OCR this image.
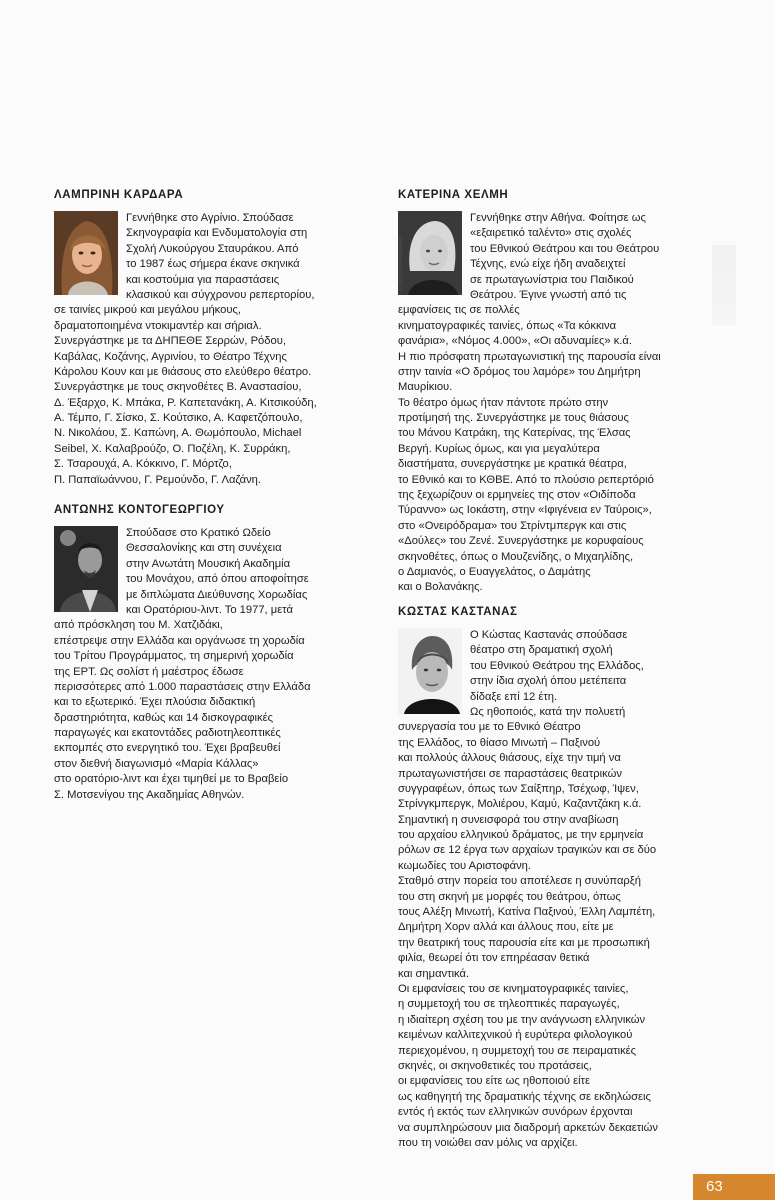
ΛΑΜΠΡΙΝΗ ΚΑΡΔΑΡΑ
Γεννήθηκε στο Αγρίνιο. Σπούδασε
Σκηνογραφία και Ενδυματολογία στη
Σχολή Λυκούργου Σταυράκου. Από
το 1987 έως σήμερα έκανε σκηνικά
και κοστούμια για παραστάσεις
κλασικού και σύγχρονου ρεπερτορίου,
σε ταινίες μικρού και μεγάλου μήκους,
δραματοποιημένα ντοκιμαντέρ και σήριαλ.
Συνεργάστηκε με τα ΔΗΠΕΘΕ Σερρών, Ρόδου,
Καβάλας, Κοζάνης, Αγρινίου, το Θέατρο Τέχνης
Κάρολου Κουν και με θιάσους στο ελεύθερο θέατρο.
Συνεργάστηκε με τους σκηνοθέτες Β. Αναστασίου,
Δ. Έξαρχο, Κ. Μπάκα, Ρ. Καπετανάκη, Α. Κιτσικούδη,
Α. Τέμπο, Γ. Σίσκο, Σ. Κούτσικο, Α. Καφετζόπουλο,
Ν. Νικολάου, Σ. Καπώνη, Α. Θωμόπουλο, Michael
Seibel, Χ. Καλαβρούζο, Ο. Ποζέλη, Κ. Συρράκη,
Σ. Τσαρουχά, Α. Κόκκινο, Γ. Μόρτζο,
Π. Παπαϊωάννου, Γ. Ρεμούνδο, Γ. Λαζάνη.
ΑΝΤΩΝΗΣ ΚΟΝΤΟΓΕΩΡΓΙΟΥ
Σπούδασε στο Κρατικό Ωδείο
Θεσσαλονίκης και στη συνέχεια
στην Ανωτάτη Μουσική Ακαδημία
του Μονάχου, από όπου αποφοίτησε
με διπλώματα Διεύθυνσης Χορωδίας
και Ορατόριου-λιντ. Το 1977, μετά
από πρόσκληση του Μ. Χατζιδάκι,
επέστρεψε στην Ελλάδα και οργάνωσε τη χορωδία
του Τρίτου Προγράμματος, τη σημερινή χορωδία
της ΕΡΤ. Ως σολίστ ή μαέστρος έδωσε
περισσότερες από 1.000 παραστάσεις στην Ελλάδα
και το εξωτερικό. Έχει πλούσια διδακτική
δραστηριότητα, καθώς και 14 δισκογραφικές
παραγωγές και εκατοντάδες ραδιοτηλεοπτικές
εκπομπές στο ενεργητικό του. Έχει βραβευθεί
στον διεθνή διαγωνισμό «Μαρία Κάλλας»
στο ορατόριο-λιντ και έχει τιμηθεί με το Βραβείο
Σ. Μοτσενίγου της Ακαδημίας Αθηνών.
ΚΑΤΕΡΙΝΑ ΧΕΛΜΗ
© STUDIO ΚΑΘΣΙΔΩΝΗΣ
Γεννήθηκε στην Αθήνα. Φοίτησε ως
«εξαιρετικό ταλέντο» στις σχολές
του Εθνικού Θεάτρου και του Θεάτρου
Τέχνης, ενώ είχε ήδη αναδειχτεί
σε πρωταγωνίστρια του Παιδικού
Θεάτρου. Έγινε γνωστή από τις
εμφανίσεις τις σε πολλές
κινηματογραφικές ταινίες, όπως «Τα κόκκινα
φανάρια», «Νόμος 4.000», «Οι αδυναμίες» κ.ά.
Η πιο πρόσφατη πρωταγωνιστική της παρουσία είναι
στην ταινία «Ο δρόμος του λαμόρε» του Δημήτρη
Μαυρίκιου.
Το θέατρο όμως ήταν πάντοτε πρώτο στην
προτίμησή της. Συνεργάστηκε με τους θιάσους
του Μάνου Κατράκη, της Κατερίνας, της Έλσας
Βεργή. Κυρίως όμως, και για μεγαλύτερα
διαστήματα, συνεργάστηκε με κρατικά θέατρα,
το Εθνικό και το ΚΘΒΕ. Από το πλούσιο ρεπερτόριό
της ξεχωρίζουν οι ερμηνείες της στον «Οιδίποδα
Τύραννο» ως Ιοκάστη, στην «Ιφιγένεια εν Ταύροις»,
στο «Ονειρόδραμα» του Στρίντμπεργκ και στις
«Δούλες» του Ζενέ. Συνεργάστηκε με κορυφαίους
σκηνοθέτες, όπως ο Μουζενίδης, ο Μιχαηλίδης,
ο Δαμιανός, ο Ευαγγελάτος, ο Δαμάτης
και ο Βολανάκης.
ΚΩΣΤΑΣ ΚΑΣΤΑΝΑΣ
Ο Κώστας Καστανάς σπούδασε
θέατρο στη δραματική σχολή
του Εθνικού Θεάτρου της Ελλάδος,
στην ίδια σχολή όπου μετέπειτα
δίδαξε επί 12 έτη.
Ως ηθοποιός, κατά την πολυετή
συνεργασία του με το Εθνικό Θέατρο
της Ελλάδος, το θίασο Μινωτή – Παξινού
και πολλούς άλλους θιάσους, είχε την τιμή να
πρωταγωνιστήσει σε παραστάσεις θεατρικών
συγγραφέων, όπως των Σαίξπηρ, Τσέχωφ, Ίψεν,
Στρίνγκμπεργκ, Μολιέρου, Καμύ, Καζαντζάκη κ.ά.
Σημαντική η συνεισφορά του στην αναβίωση
του αρχαίου ελληνικού δράματος, με την ερμηνεία
ρόλων σε 12 έργα των αρχαίων τραγικών και σε δύο
κωμωδίες του Αριστοφάνη.
Σταθμό στην πορεία του αποτέλεσε η συνύπαρξή
του στη σκηνή με μορφές του θεάτρου, όπως
τους Αλέξη Μινωτή, Κατίνα Παξινού, Έλλη Λαμπέτη,
Δημήτρη Χορν αλλά και άλλους που, είτε με
την θεατρική τους παρουσία είτε και με προσωπική
φιλία, θεωρεί ότι τον επηρέασαν θετικά
και σημαντικά.
Οι εμφανίσεις του σε κινηματογραφικές ταινίες,
η συμμετοχή του σε τηλεοπτικές παραγωγές,
η ιδιαίτερη σχέση του με την ανάγνωση ελληνικών
κειμένων καλλιτεχνικού ή ευρύτερα φιλολογικού
περιεχομένου, η συμμετοχή του σε πειραματικές
σκηνές, οι σκηνοθετικές του προτάσεις,
οι εμφανίσεις του είτε ως ηθοποιού είτε
ως καθηγητή της δραματικής τέχνης σε εκδηλώσεις
εντός ή εκτός των ελληνικών συνόρων έρχονται
να συμπληρώσουν μια διαδρομή αρκετών δεκαετιών
που τη νοιώθει σαν μόλις να αρχίζει.
63
